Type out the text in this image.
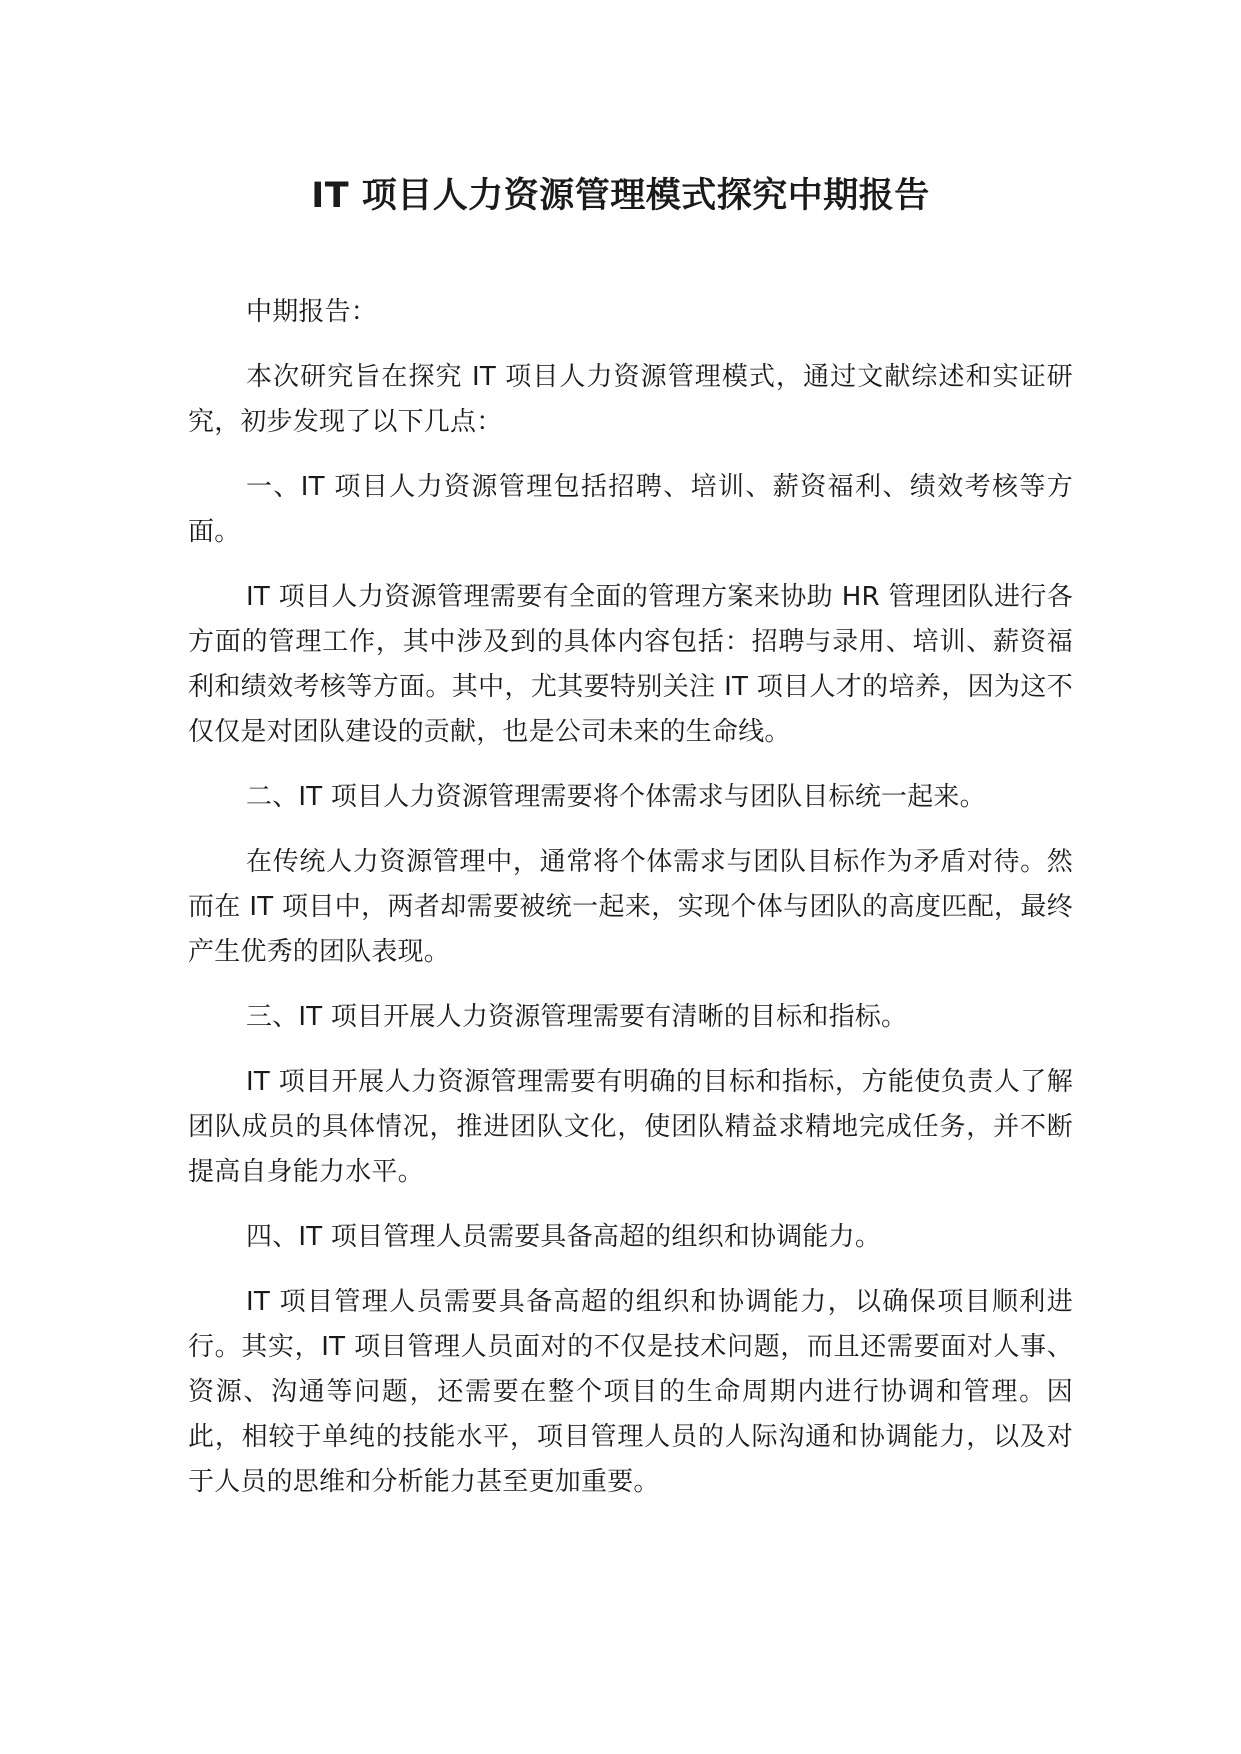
IT 项目人力资源管理模式探究中期报告

中期报告：

本次研究旨在探究 IT 项目人力资源管理模式，通过文献综述和实证研究，初步发现了以下几点：

一、IT 项目人力资源管理包括招聘、培训、薪资福利、绩效考核等方面。

IT 项目人力资源管理需要有全面的管理方案来协助 HR 管理团队进行各方面的管理工作，其中涉及到的具体内容包括：招聘与录用、培训、薪资福利和绩效考核等方面。其中，尤其要特别关注 IT 项目人才的培养，因为这不仅仅是对团队建设的贡献，也是公司未来的生命线。

二、IT 项目人力资源管理需要将个体需求与团队目标统一起来。

在传统人力资源管理中，通常将个体需求与团队目标作为矛盾对待。然而在 IT 项目中，两者却需要被统一起来，实现个体与团队的高度匹配，最终产生优秀的团队表现。

三、IT 项目开展人力资源管理需要有清晰的目标和指标。

IT 项目开展人力资源管理需要有明确的目标和指标，方能使负责人了解团队成员的具体情况，推进团队文化，使团队精益求精地完成任务，并不断提高自身能力水平。

四、IT 项目管理人员需要具备高超的组织和协调能力。

IT 项目管理人员需要具备高超的组织和协调能力，以确保项目顺利进行。其实，IT 项目管理人员面对的不仅是技术问题，而且还需要面对人事、资源、沟通等问题，还需要在整个项目的生命周期内进行协调和管理。因此，相较于单纯的技能水平，项目管理人员的人际沟通和协调能力，以及对于人员的思维和分析能力甚至更加重要。
